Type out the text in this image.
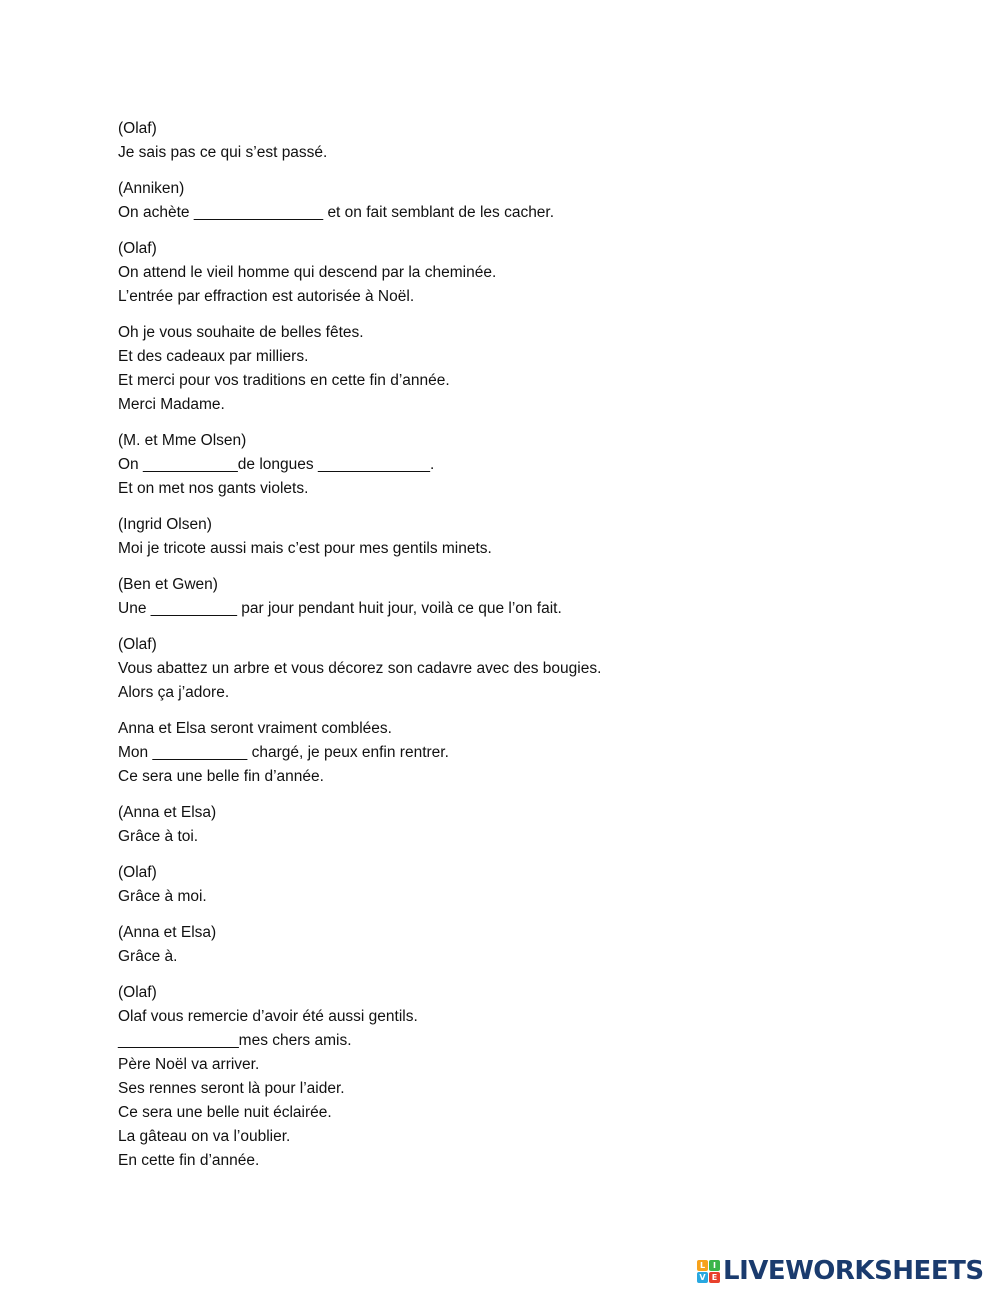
(Olaf)
Je sais pas ce qui s’est passé.
(Anniken)
On achète _______________ et on fait semblant de les cacher.
(Olaf)
On attend le vieil homme qui descend par la cheminée.
L’entrée par effraction est autorisée à Noël.
Oh je vous souhaite de belles fêtes.
Et des cadeaux par milliers.
Et merci pour vos traditions en cette fin d’année.
Merci Madame.
(M. et Mme Olsen)
On ___________de longues _____________.
Et on met nos gants violets.
(Ingrid Olsen)
Moi je tricote aussi mais c’est pour mes gentils minets.
(Ben et Gwen)
Une __________ par jour pendant huit jour, voilà ce que l’on fait.
(Olaf)
Vous abattez un arbre et vous décorez son cadavre avec des bougies.
Alors ça j’adore.
Anna et Elsa seront vraiment comblées.
Mon ___________ chargé, je peux enfin rentrer.
Ce sera une belle fin d’année.
(Anna et Elsa)
Grâce à toi.
(Olaf)
Grâce à moi.
(Anna et Elsa)
Grâce à.
(Olaf)
Olaf vous remercie d’avoir été aussi gentils.
______________mes chers amis.
Père Noël va arriver.
Ses rennes seront là pour l’aider.
Ce sera une belle nuit éclairée.
La gâteau on va l’oublier.
En cette fin d’année.
L I
V E LIVEWORKSHEETS
